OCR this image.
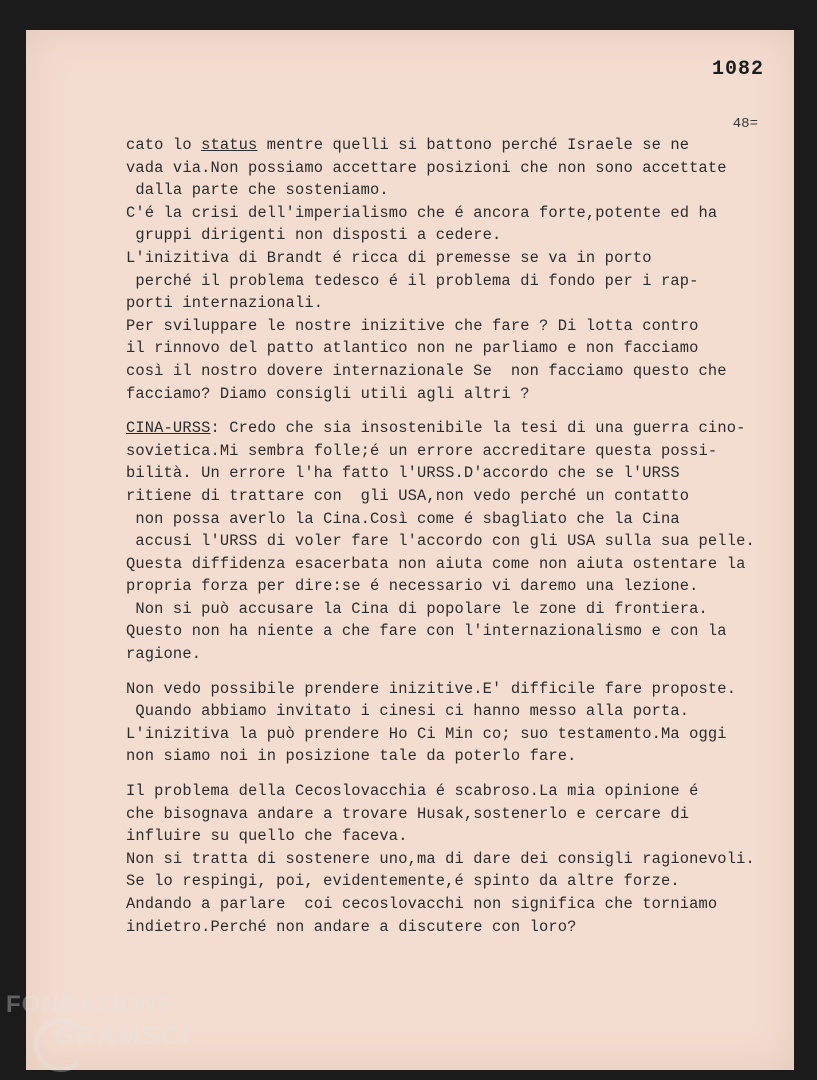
1082
48=
cato lo status mentre quelli si battono perché Israele se ne
vada via.Non possiamo accettare posizioni che non sono accettate
dalla parte che sosteniamo.
C'é la crisi dell'imperialismo che é ancora forte,potente ed ha
gruppi dirigenti non disposti a cedere.
L'inizitiva di Brandt é ricca di premesse se va in porto
perché il problema tedesco é il problema di fondo per i rap-
porti internazionali.
Per sviluppare le nostre inizitive che fare ? Di lotta contro
il rinnovo del patto atlantico non ne parliamo e non facciamo
così il nostro dovere internazionale Se  non facciamo questo che
facciamo? Diamo consigli utili agli altri ?
CINA-URSS: Credo che sia insostenibile la tesi di una guerra cino-
sovietica.Mi sembra folle;é un errore accreditare questa possi-
bilità. Un errore l'ha fatto l'URSS.D'accordo che se l'URSS
ritiene di trattare con  gli USA,non vedo perché un contatto
non possa averlo la Cina.Così come é sbagliato che la Cina
accusi l'URSS di voler fare l'accordo con gli USA sulla sua pelle.
Questa diffidenza esacerbata non aiuta come non aiuta ostentare la
propria forza per dire:se é necessario vi daremo una lezione.
Non si può accusare la Cina di popolare le zone di frontiera.
Questo non ha niente a che fare con l'internazionalismo e con la
ragione.
Non vedo possibile prendere inizitive.E' difficile fare proposte.
Quando abbiamo invitato i cinesi ci hanno messo alla porta.
L'inizitiva la può prendere Ho Ci Min co; suo testamento.Ma oggi
non siamo noi in posizione tale da poterlo fare.
Il problema della Cecoslovacchia é scabroso.La mia opinione é
che bisognava andare a trovare Husak,sostenerlo e cercare di
influire su quello che faceva.
Non si tratta di sostenere uno,ma di dare dei consigli ragionevoli.
Se lo respingi, poi, evidentemente,é spinto da altre forze.
Andando a parlare  coi cecoslovacchi non significa che torniamo
indietro.Perché non andare a discutere con loro?
FONDAZIONE
GRAMSCI
